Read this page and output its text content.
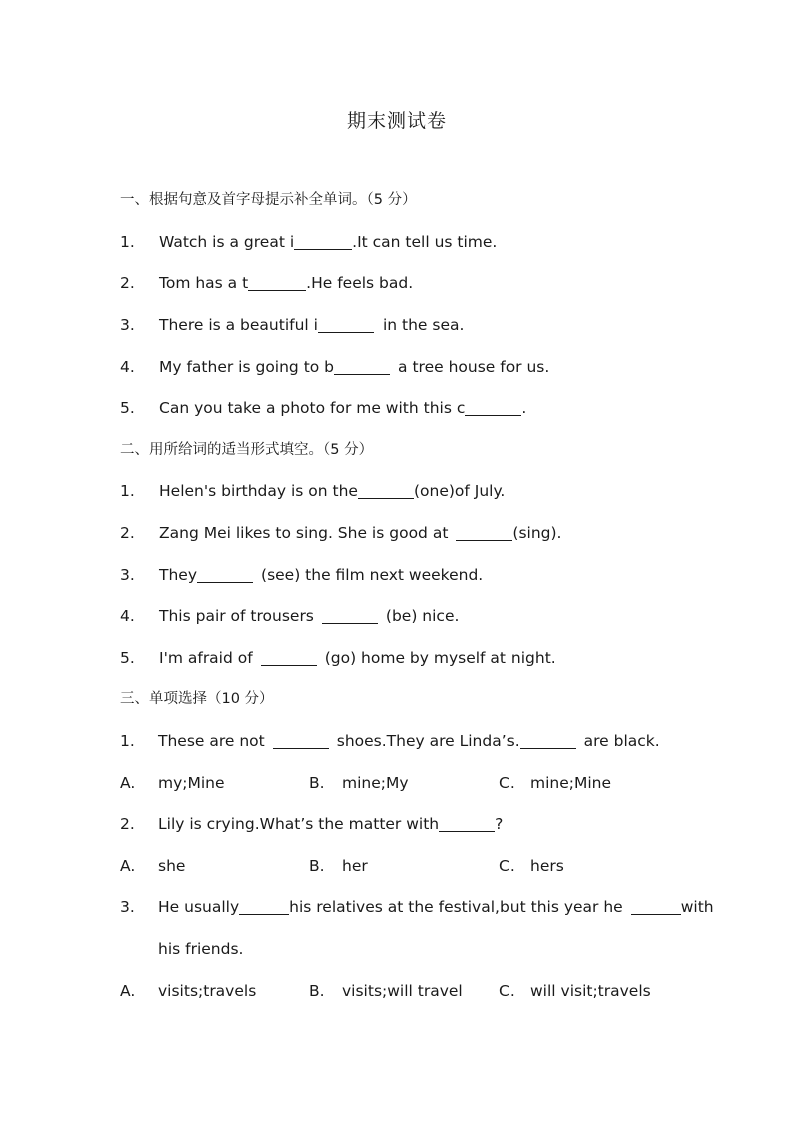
期末测试卷
一、根据句意及首字母提示补全单词。（5 分）
1. Watch is a great i	.It can tell us time.
2. Tom has a t	.He feels bad.
3. There is a beautiful i	in the sea.
4. My father is going to b	a tree house for us.
5. Can you take a photo for me with this c	.
二、用所给词的适当形式填空。（5 分）
1. Helen's birthday is on the	(one)of July.
2. Zang Mei likes to sing. She is good at	(sing).
3. They	(see) the film next weekend.
4. This pair of trousers	(be) nice.
5. I'm afraid of	(go) home by myself at night.
三、单项选择（10 分）
1. These are not	shoes.They are Linda’s.	are black.
A. my;Mine	B. mine;My	C. mine;Mine
2. Lily is crying.What’s the matter with	?
A. she	B. her	C. hers
3. He usually	his relatives at the festival,but this year he	with
his friends.
A. visits;travels	B. visits;will travel C. will visit;travels
